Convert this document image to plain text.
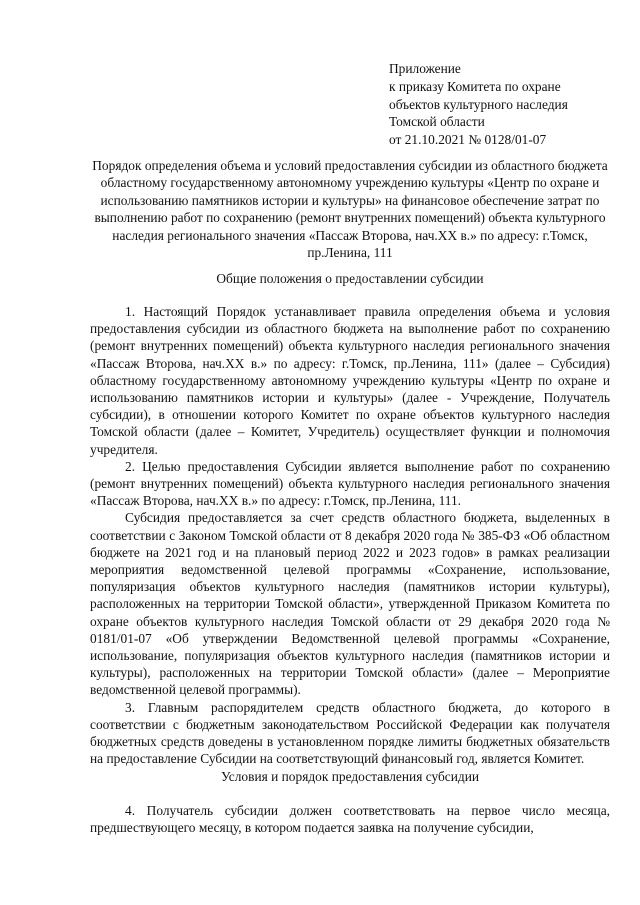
Приложение
к приказу Комитета по охране
объектов культурного наследия
Томской области
от 21.10.2021 № 0128/01-07
Порядок определения объема и условий предоставления субсидии из областного бюджета областному государственному автономному учреждению культуры «Центр по охране и использованию памятников истории и культуры» на финансовое обеспечение затрат по выполнению работ по сохранению (ремонт внутренних помещений) объекта культурного наследия регионального значения «Пассаж Второва, нач.XX в.» по адресу: г.Томск, пр.Ленина, 111
Общие положения о предоставлении субсидии

1. Настоящий Порядок устанавливает правила определения объема и условия предоставления субсидии из областного бюджета на выполнение работ по сохранению (ремонт внутренних помещений) объекта культурного наследия регионального значения «Пассаж Второва, нач.XX в.» по адресу: г.Томск, пр.Ленина, 111» (далее – Субсидия) областному государственному автономному учреждению культуры «Центр по охране и использованию памятников истории и культуры» (далее - Учреждение, Получатель субсидии), в отношении которого Комитет по охране объектов культурного наследия Томской области (далее – Комитет, Учредитель) осуществляет функции и полномочия учредителя.

2. Целью предоставления Субсидии является выполнение работ по сохранению (ремонт внутренних помещений) объекта культурного наследия регионального значения «Пассаж Второва, нач.XX в.» по адресу: г.Томск, пр.Ленина, 111.

Субсидия предоставляется за счет средств областного бюджета, выделенных в соответствии с Законом Томской области от 8 декабря 2020 года № 385-ФЗ «Об областном бюджете на 2021 год и на плановый период 2022 и 2023 годов» в рамках реализации мероприятия ведомственной целевой программы «Сохранение, использование, популяризация объектов культурного наследия (памятников истории культуры), расположенных на территории Томской области», утвержденной Приказом Комитета по охране объектов культурного наследия Томской области от 29 декабря 2020 года № 0181/01-07 «Об утверждении Ведомственной целевой программы «Сохранение, использование, популяризация объектов культурного наследия (памятников истории и культуры), расположенных на территории Томской области» (далее – Мероприятие ведомственной целевой программы).

3. Главным распорядителем средств областного бюджета, до которого в соответствии с бюджетным законодательством Российской Федерации как получателя бюджетных средств доведены в установленном порядке лимиты бюджетных обязательств на предоставление Субсидии на соответствующий финансовый год, является Комитет.

Условия и порядок предоставления субсидии

4. Получатель субсидии должен соответствовать на первое число месяца, предшествующего месяцу, в котором подается заявка на получение субсидии,
